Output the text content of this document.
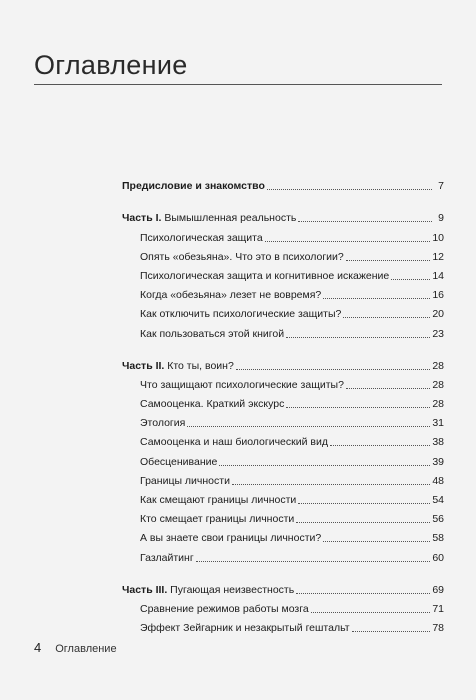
Оглавление
Предисловие и знакомство	7
Часть I. Вымышленная реальность	9
Психологическая защита	10
Опять «обезьяна». Что это в психологии?	12
Психологическая защита и когнитивное искажение	14
Когда «обезьяна» лезет не вовремя?	16
Как отключить психологические защиты?	20
Как пользоваться этой книгой	23
Часть II. Кто ты, воин?	28
Что защищают психологические защиты?	28
Самооценка. Краткий экскурс	28
Этология	31
Самооценка и наш биологический вид	38
Обесценивание	39
Границы личности	48
Как смещают границы личности	54
Кто смещает границы личности	56
А вы знаете свои границы личности?	58
Газлайтинг	60
Часть III. Пугающая неизвестность	69
Сравнение режимов работы мозга	71
Эффект Зейгарник и незакрытый гештальт	78
4 Оглавление
